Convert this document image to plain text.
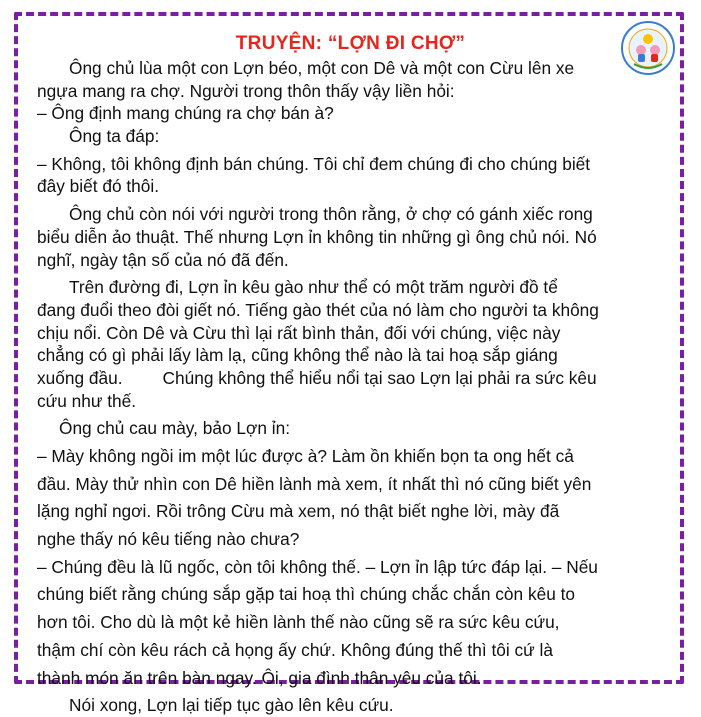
TRUYỆN: “LỢN ĐI CHỢ”
Ông chủ lùa một con Lợn béo, một con Dê và một con Cừu lên xe
ngựa mang ra chợ. Người trong thôn thấy vậy liền hỏi:
– Ông định mang chúng ra chợ bán à?
Ông ta đáp:
– Không, tôi không định bán chúng. Tôi chỉ đem chúng đi cho chúng biết
đây biết đó thôi.
Ông chủ còn nói với người trong thôn rằng, ở chợ có gánh xiếc rong
biểu diễn ảo thuật. Thế nhưng Lợn ỉn không tin những gì ông chủ nói. Nó
nghĩ, ngày tận số của nó đã đến.
Trên đường đi, Lợn ỉn kêu gào như thể có một trăm người đồ tể
đang đuổi theo đòi giết nó. Tiếng gào thét của nó làm cho người ta không
chịu nổi. Còn Dê và Cừu thì lại rất bình thản, đối với chúng, việc này
chẳng có gì phải lấy làm lạ, cũng không thể nào là tai hoạ sắp giáng
xuống đầu. Chúng không thể hiểu nổi tại sao Lợn lại phải ra sức kêu
cứu như thế.
Ông chủ cau mày, bảo Lợn ỉn:
– Mày không ngồi im một lúc được à? Làm ồn khiến bọn ta ong hết cả
đầu. Mày thử nhìn con Dê hiền lành mà xem, ít nhất thì nó cũng biết yên
lặng nghỉ ngơi. Rồi trông Cừu mà xem, nó thật biết nghe lời, mày đã
nghe thấy nó kêu tiếng nào chưa?
– Chúng đều là lũ ngốc, còn tôi không thế. – Lợn ỉn lập tức đáp lại. – Nếu
chúng biết rằng chúng sắp gặp tai hoạ thì chúng chắc chắn còn kêu to
hơn tôi. Cho dù là một kẻ hiền lành thế nào cũng sẽ ra sức kêu cứu,
thậm chí còn kêu rách cả họng ấy chứ. Không đúng thế thì tôi cứ là
thành món ăn trên bàn ngay. Ôi, gia đình thân yêu của tôi.
Nói xong, Lợn lại tiếp tục gào lên kêu cứu.
